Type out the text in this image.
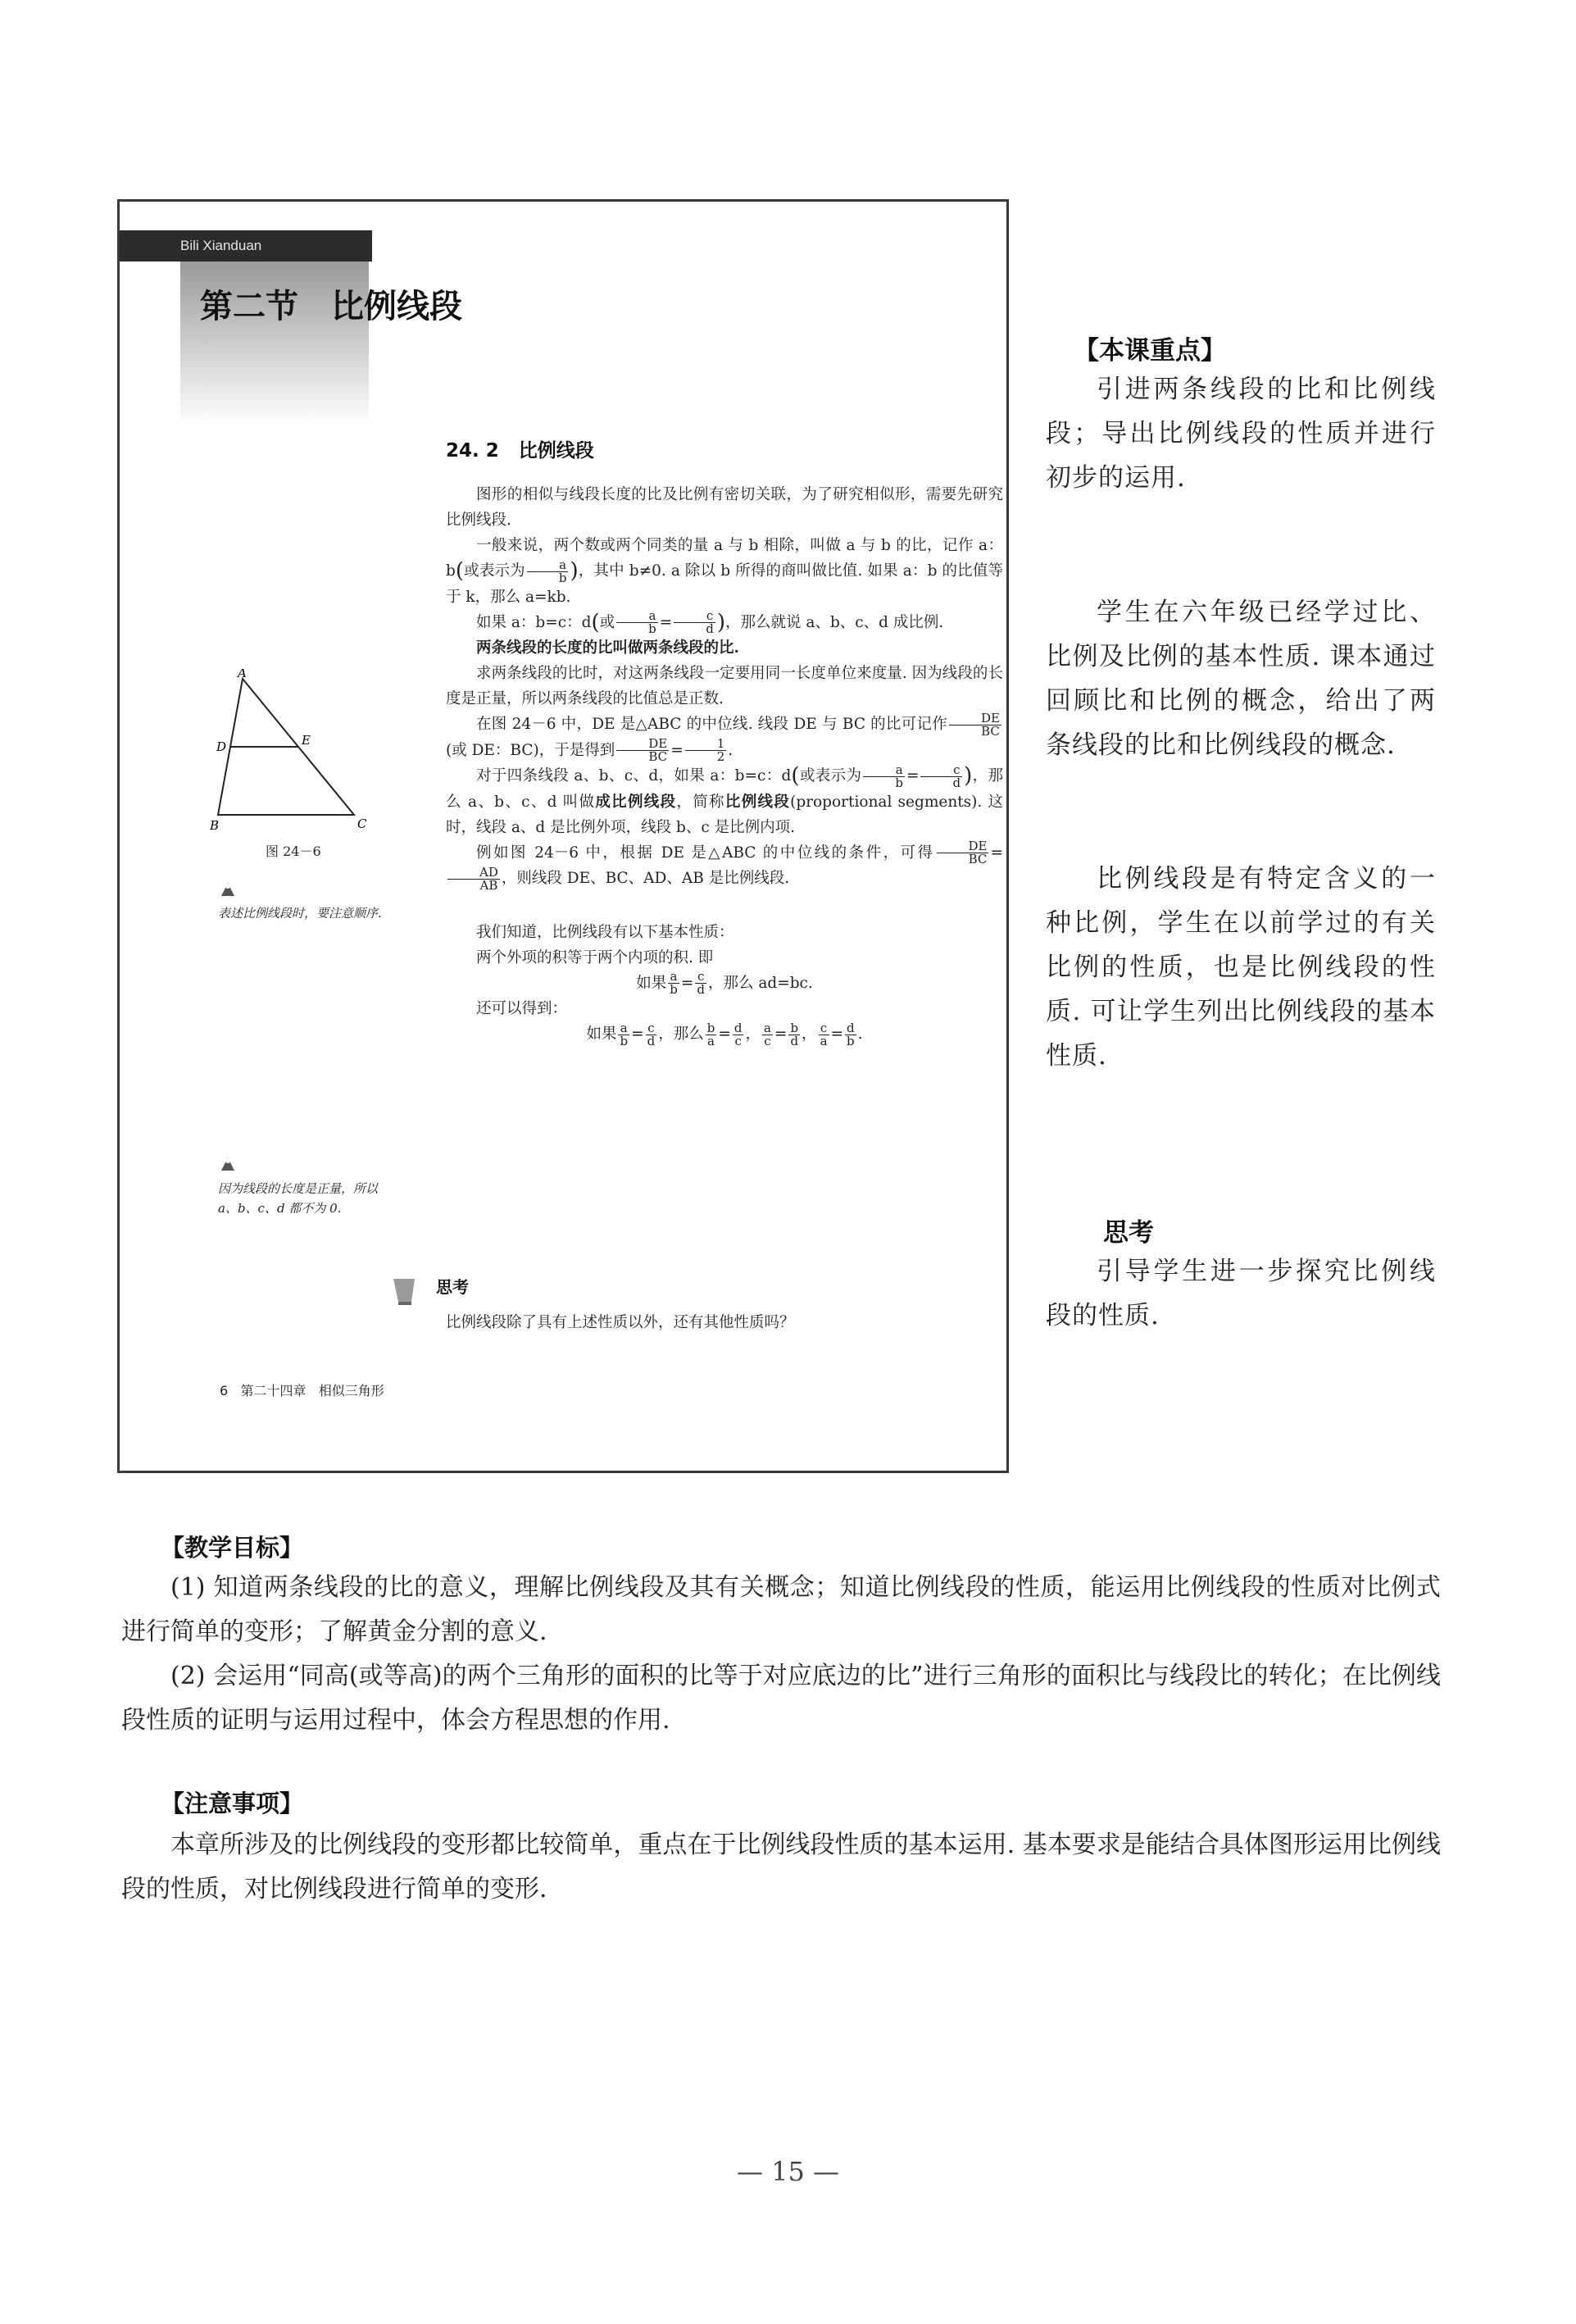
Bili Xianduan
第二节 比例线段
24. 2 比例线段

图形的相似与线段长度的比及比例有密切关联，为了研究相似形，需要先研究比例线段.

一般来说，两个数或两个同类的量 a 与 b 相除，叫做 a 与 b 的比，记作 a：b(或表示为 $\frac{a}{b}$ )，其中 b≠0. a 除以 b 所得的商叫做比值. 如果 a：b 的比值等于 k，那么 a=kb.

如果 a：b=c：d(或 $\frac{a}{b} = \frac{c}{d}$ )，那么就说 a、b、c、d 成比例.

两条线段的长度的比叫做两条线段的比.

求两条线段的比时，对这两条线段一定要用同一长度单位来度量. 因为线段的长度是正量，所以两条线段的比值总是正数.

在图 24－6 中，DE 是△ABC 的中位线. 线段 DE 与 BC 的比可记作 $\frac{DE}{BC}$
(或 DE：BC)，于是得到 $\frac{DE}{BC} = \frac{1}{2}$ .

对于四条线段 a、b、c、d，如果 a：b=c：d(或表示为 $\frac{a}{b} = \frac{c}{d}$ )，那么 a、b、c、d 叫做成比例线段，简称比例线段(proportional segments). 这时，线段 a、d 是比例外项，线段 b、c 是比例内项.

例如图 24－6 中，根据 DE 是△ABC 的中位线的条件，可得 $\frac{DE}{BC}$ =
$\frac{AD}{AB}$ ，则线段 DE、BC、AD、AB 是比例线段.

我们知道，比例线段有以下基本性质：

两个外项的积等于两个内项的积. 即

如果 $\frac{a}{b} = \frac{c}{d}$ ，那么 ad=bc.

还可以得到：

如果 $\frac{a}{b} = \frac{c}{d}$ ，那么 $\frac{b}{a} = \frac{d}{c}$ ， $\frac{a}{c} = \frac{b}{d}$ ， $\frac{c}{a} = \frac{d}{b}$ .

思考
比例线段除了具有上述性质以外，还有其他性质吗？
A
D	E
B	C
图 24－6
表述比例线段时，要注意顺序.
因为线段的长度是正量，所以 a、b、c、d 都不为 0.
6 第二十四章 相似三角形
【本课重点】

引进两条线段的比和比例线段；导出比例线段的性质并进行初步的运用.

学生在六年级已经学过比、比例及比例的基本性质. 课本通过回顾比和比例的概念，给出了两条线段的比和比例线段的概念.

比例线段是有特定含义的一种比例，学生在以前学过的有关比例的性质，也是比例线段的性质. 可让学生列出比例线段的基本性质.

思考

引导学生进一步探究比例线段的性质.

【教学目标】

(1) 知道两条线段的比的意义，理解比例线段及其有关概念；知道比例线段的性质，能运用比例线段的性质对比例式进行简单的变形；了解黄金分割的意义.

(2) 会运用“同高(或等高)的两个三角形的面积的比等于对应底边的比”进行三角形的面积比与线段比的转化；在比例线段性质的证明与运用过程中，体会方程思想的作用.

【注意事项】

本章所涉及的比例线段的变形都比较简单，重点在于比例线段性质的基本运用. 基本要求是能结合具体图形运用比例线段的性质，对比例线段进行简单的变形.

— 15 —
